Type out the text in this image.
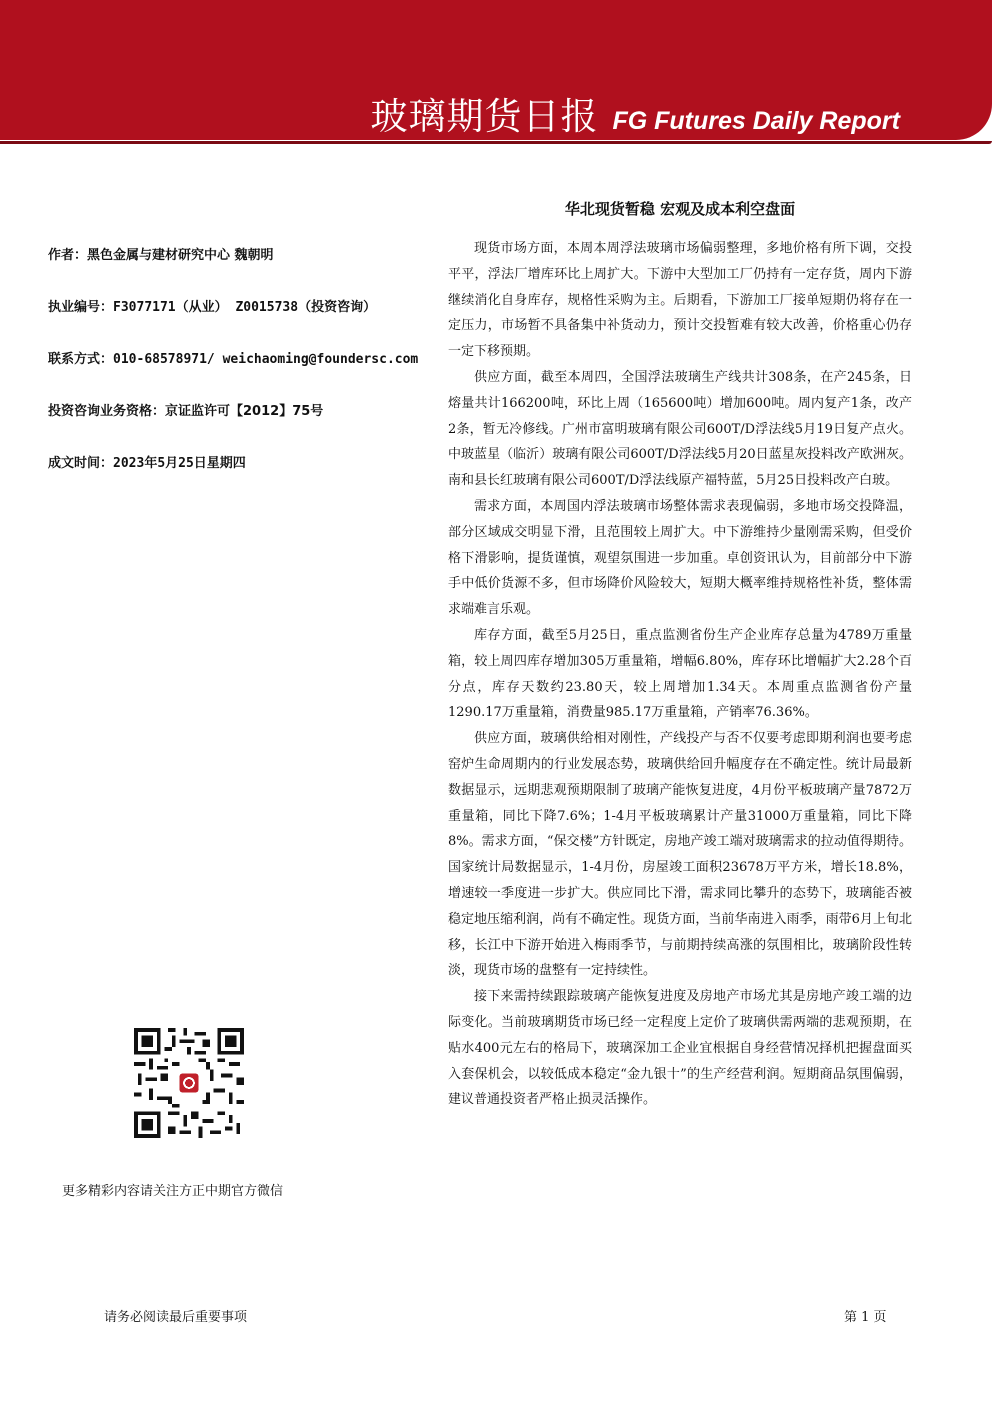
玻璃期货日报 FG Futures Daily Report
华北现货暂稳 宏观及成本利空盘面
作者：黑色金属与建材研究中心 魏朝明
执业编号：F3077171（从业） Z0015738（投资咨询）
联系方式：010-68578971/ weichaoming@foundersc.com
投资咨询业务资格：京证监许可【2012】75号
成文时间：2023年5月25日星期四

现货市场方面，本周本周浮法玻璃市场偏弱整理，多地价格有所下调，交投平平，浮法厂增库环比上周扩大。下游中大型加工厂仍持有一定存货，周内下游继续消化自身库存，规格性采购为主。后期看，下游加工厂接单短期仍将存在一定压力，市场暂不具备集中补货动力，预计交投暂难有较大改善，价格重心仍存一定下移预期。

供应方面，截至本周四，全国浮法玻璃生产线共计308条，在产245条，日熔量共计166200吨，环比上周（165600吨）增加600吨。周内复产1条，改产2条，暂无冷修线。广州市富明玻璃有限公司600T/D浮法线5月19日复产点火。中玻蓝星（临沂）玻璃有限公司600T/D浮法线5月20日蓝星灰投料改产欧洲灰。南和县长红玻璃有限公司600T/D浮法线原产福特蓝，5月25日投料改产白玻。

需求方面，本周国内浮法玻璃市场整体需求表现偏弱，多地市场交投降温，部分区域成交明显下滑，且范围较上周扩大。中下游维持少量刚需采购，但受价格下滑影响，提货谨慎，观望氛围进一步加重。卓创资讯认为，目前部分中下游手中低价货源不多，但市场降价风险较大，短期大概率维持规格性补货，整体需求端难言乐观。

库存方面，截至5月25日，重点监测省份生产企业库存总量为4789万重量箱，较上周四库存增加305万重量箱，增幅6.80%，库存环比增幅扩大2.28个百分点，库存天数约23.80天，较上周增加1.34天。本周重点监测省份产量1290.17万重量箱，消费量985.17万重量箱，产销率76.36%。

供应方面，玻璃供给相对刚性，产线投产与否不仅要考虑即期利润也要考虑窑炉生命周期内的行业发展态势，玻璃供给回升幅度存在不确定性。统计局最新数据显示，远期悲观预期限制了玻璃产能恢复进度，4月份平板玻璃产量7872万重量箱，同比下降7.6%；1-4月平板玻璃累计产量31000万重量箱，同比下降8%。需求方面，“保交楼”方针既定，房地产竣工端对玻璃需求的拉动值得期待。国家统计局数据显示，1-4月份，房屋竣工面积23678万平方米，增长18.8%，增速较一季度进一步扩大。供应同比下滑，需求同比攀升的态势下，玻璃能否被稳定地压缩利润，尚有不确定性。现货方面，当前华南进入雨季，雨带6月上旬北移，长江中下游开始进入梅雨季节，与前期持续高涨的氛围相比，玻璃阶段性转淡，现货市场的盘整有一定持续性。

接下来需持续跟踪玻璃产能恢复进度及房地产市场尤其是房地产竣工端的边际变化。当前玻璃期货市场已经一定程度上定价了玻璃供需两端的悲观预期，在贴水400元左右的格局下，玻璃深加工企业宜根据自身经营情况择机把握盘面买入套保机会，以较低成本稳定“金九银十”的生产经营利润。短期商品氛围偏弱，建议普通投资者严格止损灵活操作。

更多精彩内容请关注方正中期官方微信
请务必阅读最后重要事项	第 1 页
